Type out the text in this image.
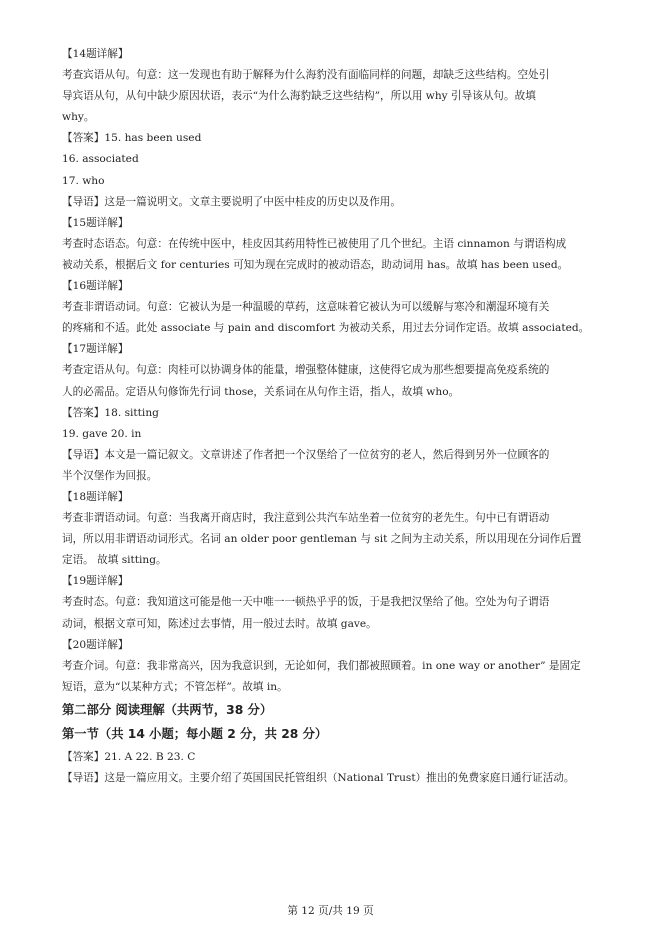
【14题详解】
考查宾语从句。句意：这一发现也有助于解释为什么海豹没有面临同样的问题，却缺乏这些结构。空处引
导宾语从句，从句中缺少原因状语，表示“为什么海豹缺乏这些结构”，所以用 why 引导该从句。故填
why。
【答案】15. has been used
16. associated
17. who
【导语】这是一篇说明文。文章主要说明了中医中桂皮的历史以及作用。
【15题详解】
考查时态语态。句意：在传统中医中，桂皮因其药用特性已被使用了几个世纪。主语 cinnamon 与谓语构成
被动关系，根据后文 for centuries 可知为现在完成时的被动语态，助动词用 has。故填 has been used。
【16题详解】
考查非谓语动词。句意：它被认为是一种温暖的草药，这意味着它被认为可以缓解与寒冷和潮湿环境有关
的疼痛和不适。此处 associate 与 pain and discomfort 为被动关系，用过去分词作定语。故填 associated。
【17题详解】
考查定语从句。句意：肉桂可以协调身体的能量，增强整体健康，这使得它成为那些想要提高免疫系统的
人的必需品。定语从句修饰先行词 those，关系词在从句作主语，指人，故填 who。
【答案】18. sitting
19. gave 20. in
【导语】本文是一篇记叙文。文章讲述了作者把一个汉堡给了一位贫穷的老人，然后得到另外一位顾客的
半个汉堡作为回报。
【18题详解】
考查非谓语动词。句意：当我离开商店时，我注意到公共汽车站坐着一位贫穷的老先生。句中已有谓语动
词，所以用非谓语动词形式。名词 an older poor gentleman 与 sit 之间为主动关系，所以用现在分词作后置
定语。 故填 sitting。
【19题详解】
考查时态。句意：我知道这可能是他一天中唯一一顿热乎乎的饭，于是我把汉堡给了他。空处为句子谓语
动词，根据文章可知，陈述过去事情，用一般过去时。故填 gave。
【20题详解】
考查介词。句意：我非常高兴，因为我意识到，无论如何，我们都被照顾着。in one way or another” 是固定
短语，意为“以某种方式；不管怎样”。故填 in。
第二部分 阅读理解（共两节，38 分）
第一节（共 14 小题；每小题 2 分，共 28 分）
【答案】21. A 22. B 23. C
【导语】这是一篇应用文。主要介绍了英国国民托管组织（National Trust）推出的免费家庭日通行证活动。
第 12 页/共 19 页
